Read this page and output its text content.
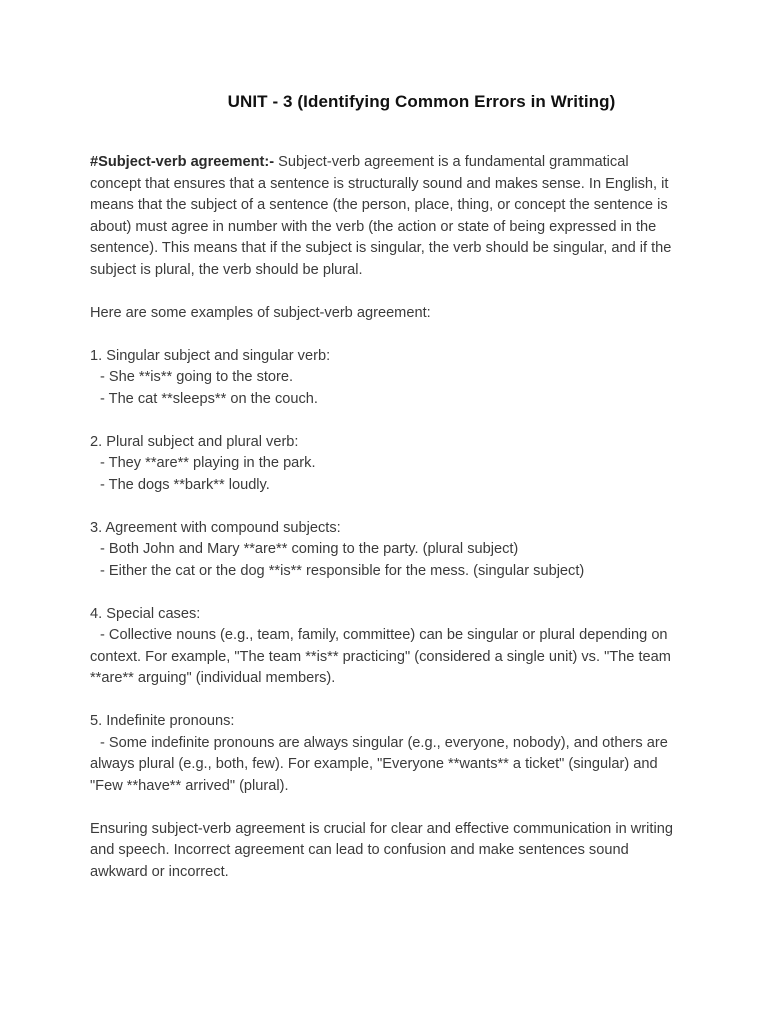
UNIT - 3 (Identifying Common Errors in Writing)

#Subject-verb agreement:- Subject-verb agreement is a fundamental grammatical concept that ensures that a sentence is structurally sound and makes sense. In English, it means that the subject of a sentence (the person, place, thing, or concept the sentence is about) must agree in number with the verb (the action or state of being expressed in the sentence). This means that if the subject is singular, the verb should be singular, and if the subject is plural, the verb should be plural.

Here are some examples of subject-verb agreement:

1. Singular subject and singular verb:
- She **is** going to the store.
- The cat **sleeps** on the couch.
2. Plural subject and plural verb:
- They **are** playing in the park.
- The dogs **bark** loudly.
3. Agreement with compound subjects:
- Both John and Mary **are** coming to the party. (plural subject)
- Either the cat or the dog **is** responsible for the mess. (singular subject)
4. Special cases:
- Collective nouns (e.g., team, family, committee) can be singular or plural depending on context. For example, "The team **is** practicing" (considered a single unit) vs. "The team **are** arguing" (individual members).
5. Indefinite pronouns:
- Some indefinite pronouns are always singular (e.g., everyone, nobody), and others are always plural (e.g., both, few). For example, "Everyone **wants** a ticket" (singular) and "Few **have** arrived" (plural).

Ensuring subject-verb agreement is crucial for clear and effective communication in writing and speech. Incorrect agreement can lead to confusion and make sentences sound awkward or incorrect.
